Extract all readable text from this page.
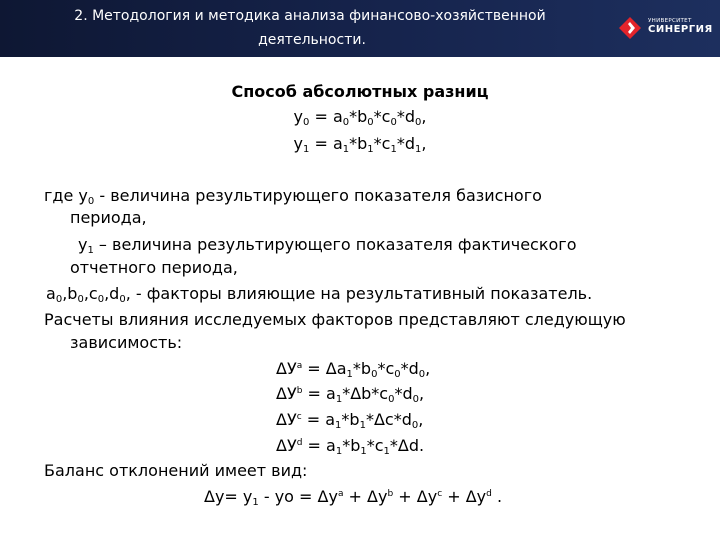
2. Методология и методика анализа финансово-хозяйственной
деятельности.
УНИВЕРСИТЕТ
СИНЕРГИЯ
Способ абсолютных разниц
$y_0 = a_0*b_0*c_0*d_0$,
$y_1 = a_1*b_1*c_1*d_1$,
где $y_0$ - величина результирующего показателя базисного
периода,
$y_1$ – величина результирующего показателя фактического
отчетного периода,
$a_0,b_0,c_0,d_0$, - факторы влияющие на результативный показатель.
Расчеты влияния исследуемых факторов представляют следующую
зависимость:
$\Delta У^a = \Delta a_1*b_0*c_0*d_0$,
$\Delta У^b = a_1*\Delta b*c_0*d_0$,
$\Delta У^c = a_1*b_1*\Delta c*d_0$,
$\Delta У^d = a_1*b_1*c_1*\Delta d$.
Баланс отклонений имеет вид:
$\Delta y= y_1$ - yo = $\Delta y^a + \Delta y^b + \Delta y^c + \Delta y^d$ .
